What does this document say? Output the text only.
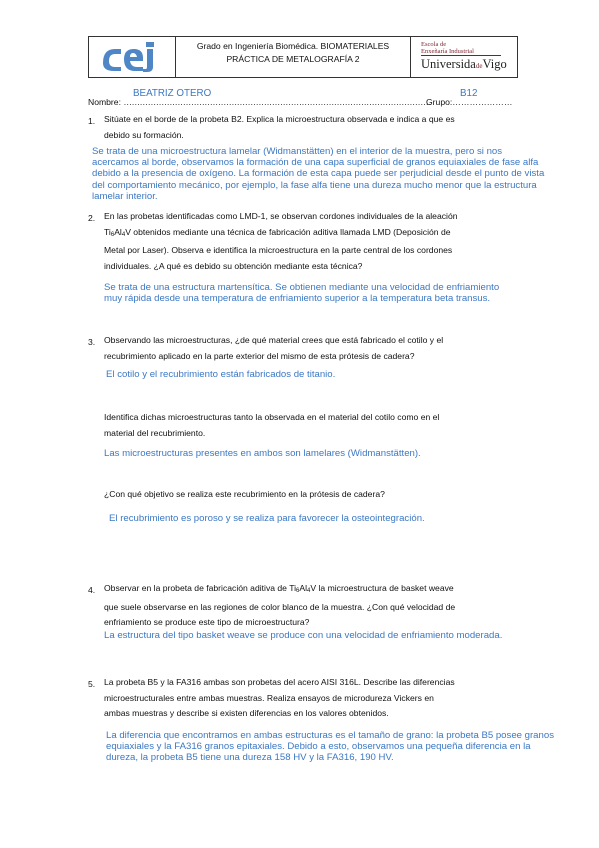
Grado en Ingeniería Biomédica. BIOMATERIALES
PRÁCTICA DE METALOGRAFÍA 2
Escola de
Enxeñaría Industrial
UniversidadeVigo
Nombre: ……………………………………………………………………………………………………
Grupo:…………………
BEATRIZ OTERO	B12
1. Sitúate en el borde de la probeta B2. Explica la microestructura observada e indica a que es
debido su formación.
Se trata de una microestructura lamelar (Widmanstätten) en el interior de la muestra, pero si nos acercamos al borde, observamos la formación de una capa superficial de granos equiaxiales de fase alfa debido a la presencia de oxígeno. La formación de esta capa puede ser perjudicial desde el punto de vista del comportamiento mecánico, por ejemplo, la fase alfa tiene una dureza mucho menor que la estructura lamelar interior.
2. En las probetas identificadas como LMD-1, se observan cordones individuales de la aleación
$Ti_6Al_4V$ obtenidos mediante una técnica de fabricación aditiva llamada LMD (Deposición de
Metal por Laser). Observa e identifica la microestructura en la parte central de los cordones
individuales. ¿A qué es debido su obtención mediante esta técnica?
Se trata de una estructura martensítica. Se obtienen mediante una velocidad de enfriamiento muy rápida desde una temperatura de enfriamiento superior a la temperatura beta transus.
3. Observando las microestructuras, ¿de qué material crees que está fabricado el cotilo y el
recubrimiento aplicado en la parte exterior del mismo de esta prótesis de cadera?
El cotilo y el recubrimiento están fabricados de titanio.
Identifica dichas microestructuras tanto la observada en el material del cotilo como en el
material del recubrimiento.
Las microestructuras presentes en ambos son lamelares (Widmanstätten).
¿Con qué objetivo se realiza este recubrimiento en la prótesis de cadera?
El recubrimiento es poroso y se realiza para favorecer la osteointegración.
4. Observar en la probeta de fabricación aditiva de $Ti_6Al_4V$ la microestructura de basket weave
que suele observarse en las regiones de color blanco de la muestra. ¿Con qué velocidad de
enfriamiento se produce este tipo de microestructura?
La estructura del tipo basket weave se produce con una velocidad de enfriamiento moderada.
5. La probeta B5 y la FA316 ambas son probetas del acero AISI 316L. Describe las diferencias
microestructurales entre ambas muestras. Realiza ensayos de microdureza Vickers en
ambas muestras y describe si existen diferencias en los valores obtenidos.
La diferencia que encontramos en ambas estructuras es el tamaño de grano: la probeta B5 posee granos equiaxiales y la FA316 granos epitaxiales. Debido a esto, observamos una pequeña diferencia en la dureza, la probeta B5 tiene una dureza 158 HV y la FA316, 190 HV.
